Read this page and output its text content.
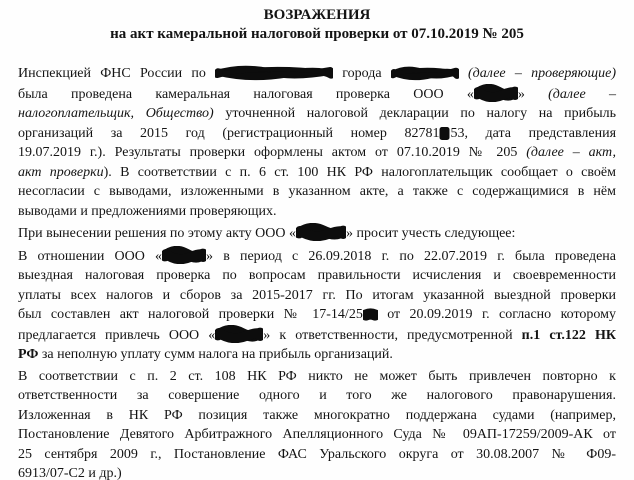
ВОЗРАЖЕНИЯ
на акт камеральной налоговой проверки от 07.10.2019 № 205
Инспекцией ФНС России по	города	(далее – проверяющие)
была проведена камеральная налоговая проверка ООО «	» (далее –
налогоплательщик, Общество) уточненной налоговой декларации по налогу на прибыль
организаций за 2015 год (регистрационный номер 82781 53, дата представления
19.07.2019 г.). Результаты проверки оформлены актом от 07.10.2019 № 205 (далее – акт,
акт проверки). В соответствии с п. 6 ст. 100 НК РФ налогоплательщик сообщает о своём
несогласии с выводами, изложенными в указанном акте, а также с содержащимися в нём
выводами и предложениями проверяющих.
При вынесении решения по этому акту ООО «	» просит учесть следующее:
В отношении ООО «	» в период с 26.09.2018 г. по 22.07.2019 г. была проведена
выездная налоговая проверка по вопросам правильности исчисления и своевременности
уплаты всех налогов и сборов за 2015-2017 гг. По итогам указанной выездной проверки
был составлен акт налоговой проверки № 17-14/25 от 20.09.2019 г. согласно которому
предлагается привлечь ООО «	» к ответственности, предусмотренной п.1 ст.122 НК
РФ за неполную уплату сумм налога на прибыль организаций.
В соответствии с п. 2 ст. 108 НК РФ никто не может быть привлечен повторно к
ответственности за совершение одного и того же налогового правонарушения.
Изложенная в НК РФ позиция также многократно поддержана судами (например,
Постановление Девятого Арбитражного Апелляционного Суда № 09АП-17259/2009-АК от
25 сентября 2009 г., Постановление ФАС Уральского округа от 30.08.2007 № Ф09-
6913/07-С2 и др.)
